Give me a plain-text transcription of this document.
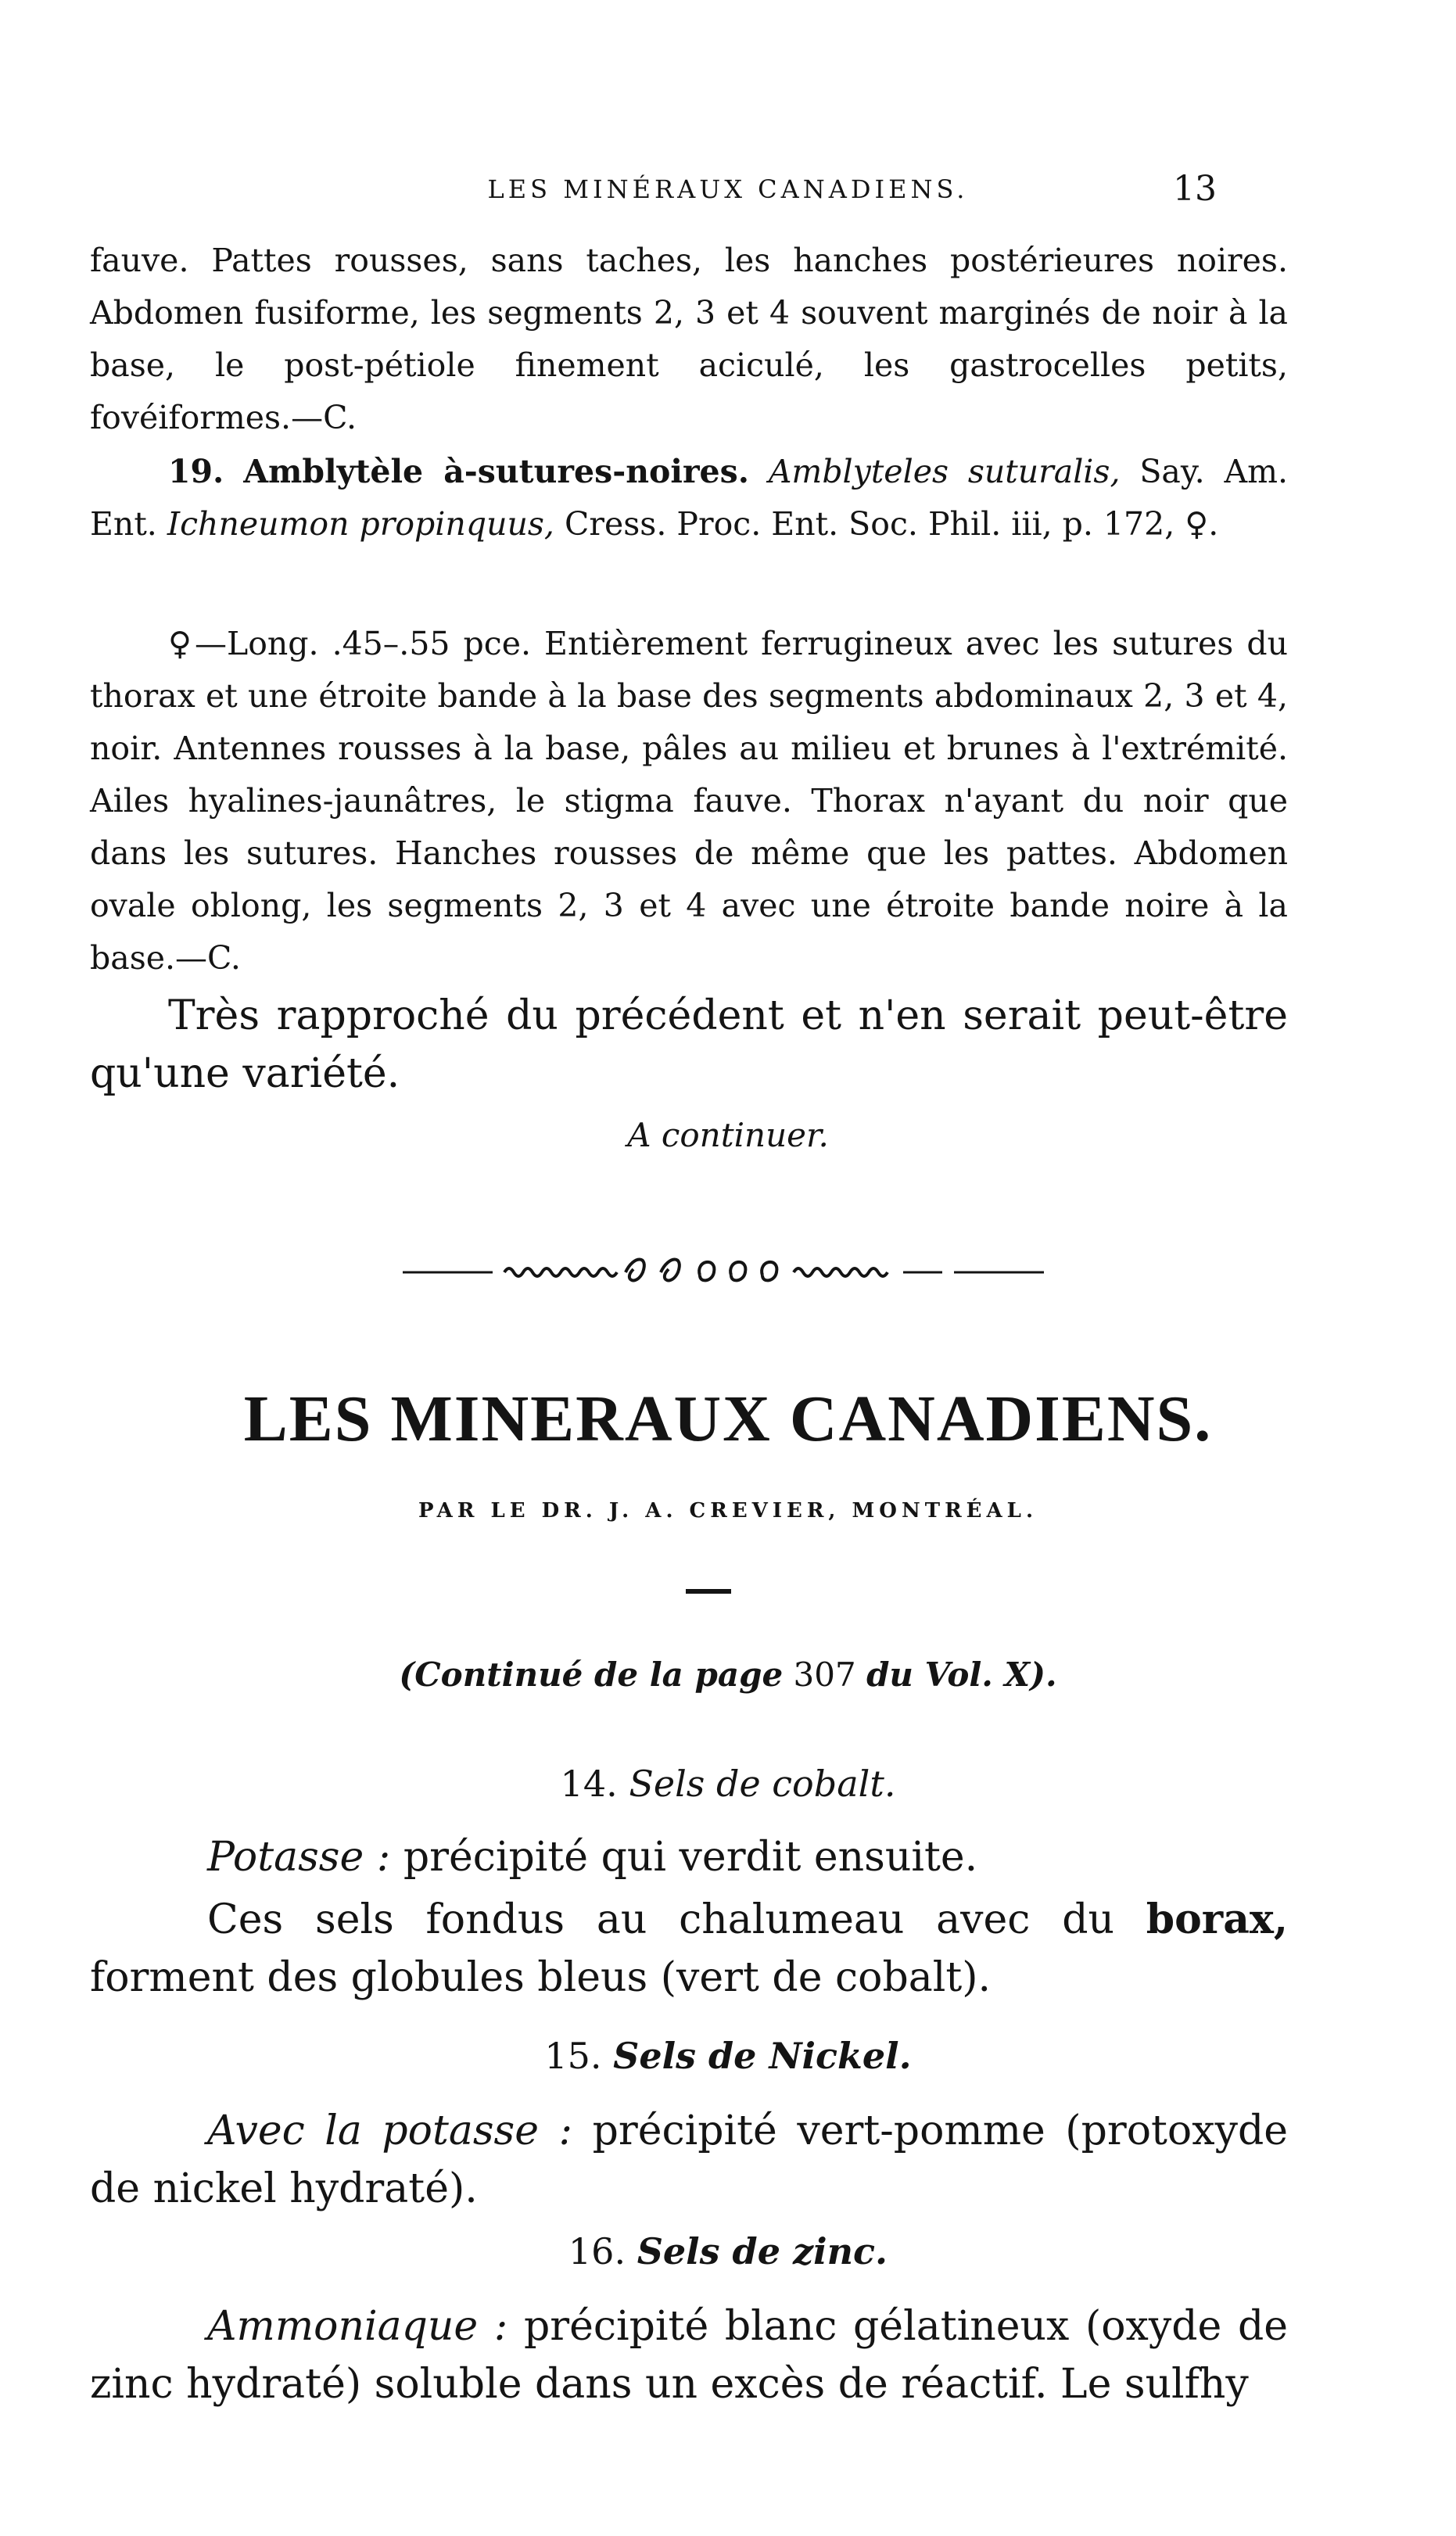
LES MINÉRAUX CANADIENS.	13

fauve. Pattes rousses, sans taches, les hanches postérieures noires. Abdomen fusiforme, les segments 2, 3 et 4 souvent marginés de noir à la base, le post-pétiole finement aciculé, les gastrocelles petits, fovéiformes.—C.

19. Amblytèle à-sutures-noires. Amblyteles suturalis, Say. Am. Ent. Ichneumon propinquus, Cress. Proc. Ent. Soc. Phil. iii, p. 172, ♀.

♀—Long. .45–.55 pce. Entièrement ferrugineux avec les sutures du thorax et une étroite bande à la base des segments abdominaux 2, 3 et 4, noir. Antennes rousses à la base, pâles au milieu et brunes à l'extrémité. Ailes hyalines-jaunâtres, le stigma fauve. Thorax n'ayant du noir que dans les sutures. Hanches rousses de même que les pattes. Abdomen ovale oblong, les segments 2, 3 et 4 avec une étroite bande noire à la base.—C.

Très rapproché du précédent et n'en serait peut-être qu'une variété.

A continuer.

LES MINERAUX CANADIENS.

PAR LE DR. J. A. CREVIER, MONTRÉAL.

(Continué de la page 307 du Vol. X).

14. Sels de cobalt.

Potasse : précipité qui verdit ensuite.

Ces sels fondus au chalumeau avec du borax, forment des globules bleus (vert de cobalt).

15. Sels de Nickel.

Avec la potasse : précipité vert-pomme (protoxyde de nickel hydraté).

16. Sels de zinc.

Ammoniaque : précipité blanc gélatineux (oxyde de zinc hydraté) soluble dans un excès de réactif. Le sulfhy
